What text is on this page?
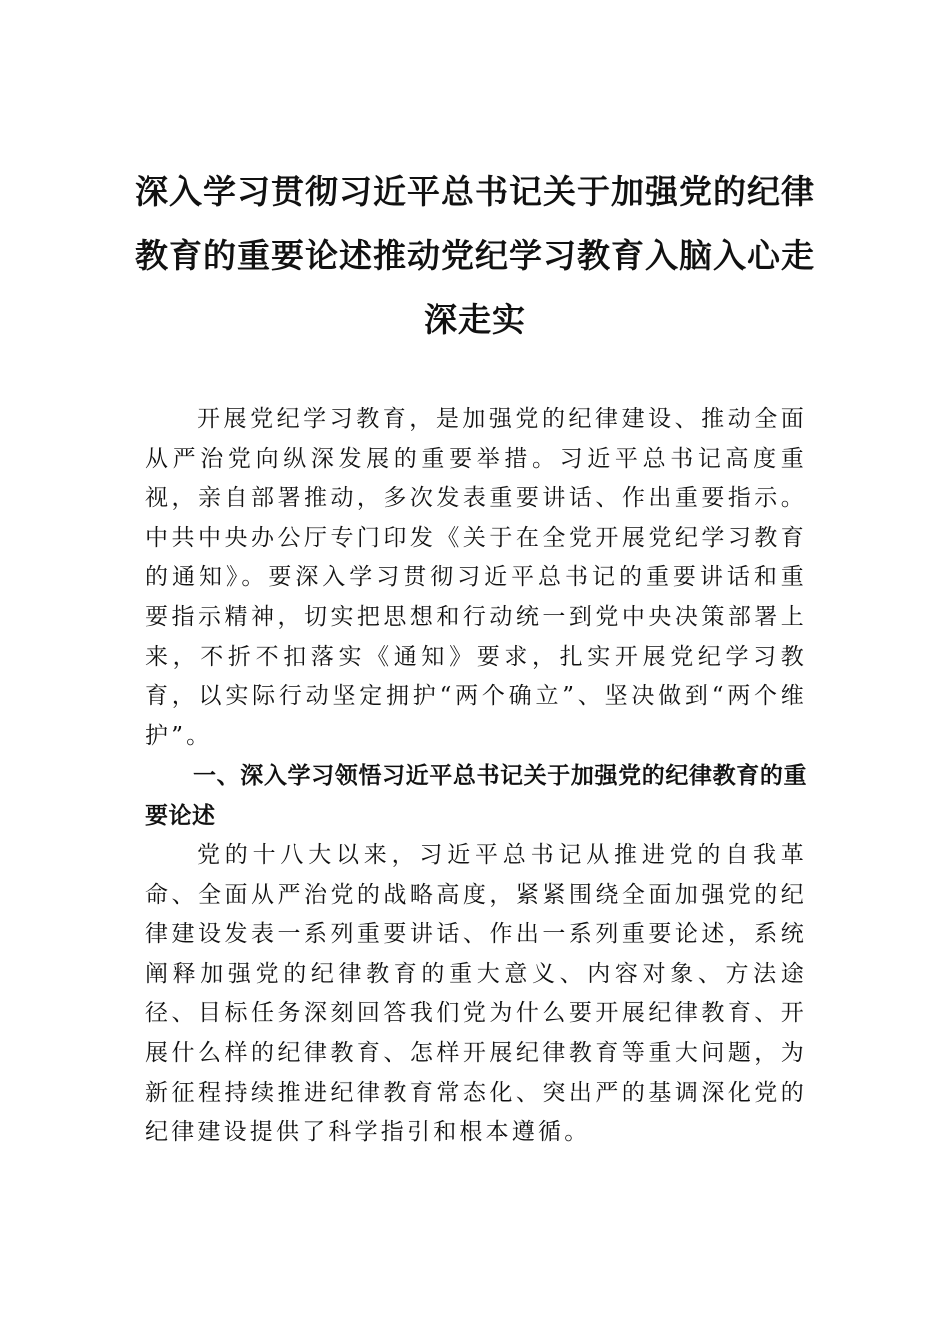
深入学习贯彻习近平总书记关于加强党的纪律教育的重要论述推动党纪学习教育入脑入心走深走实

开展党纪学习教育，是加强党的纪律建设、推动全面从严治党向纵深发展的重要举措。习近平总书记高度重视，亲自部署推动，多次发表重要讲话、作出重要指示。中共中央办公厅专门印发《关于在全党开展党纪学习教育的通知》。要深入学习贯彻习近平总书记的重要讲话和重要指示精神，切实把思想和行动统一到党中央决策部署上来，不折不扣落实《通知》要求，扎实开展党纪学习教育，以实际行动坚定拥护“两个确立”、坚决做到“两个维护”。

一、深入学习领悟习近平总书记关于加强党的纪律教育的重要论述

党的十八大以来，习近平总书记从推进党的自我革命、全面从严治党的战略高度，紧紧围绕全面加强党的纪律建设发表一系列重要讲话、作出一系列重要论述，系统阐释加强党的纪律教育的重大意义、内容对象、方法途径、目标任务深刻回答我们党为什么要开展纪律教育、开展什么样的纪律教育、怎样开展纪律教育等重大问题，为新征程持续推进纪律教育常态化、突出严的基调深化党的纪律建设提供了科学指引和根本遵循。
